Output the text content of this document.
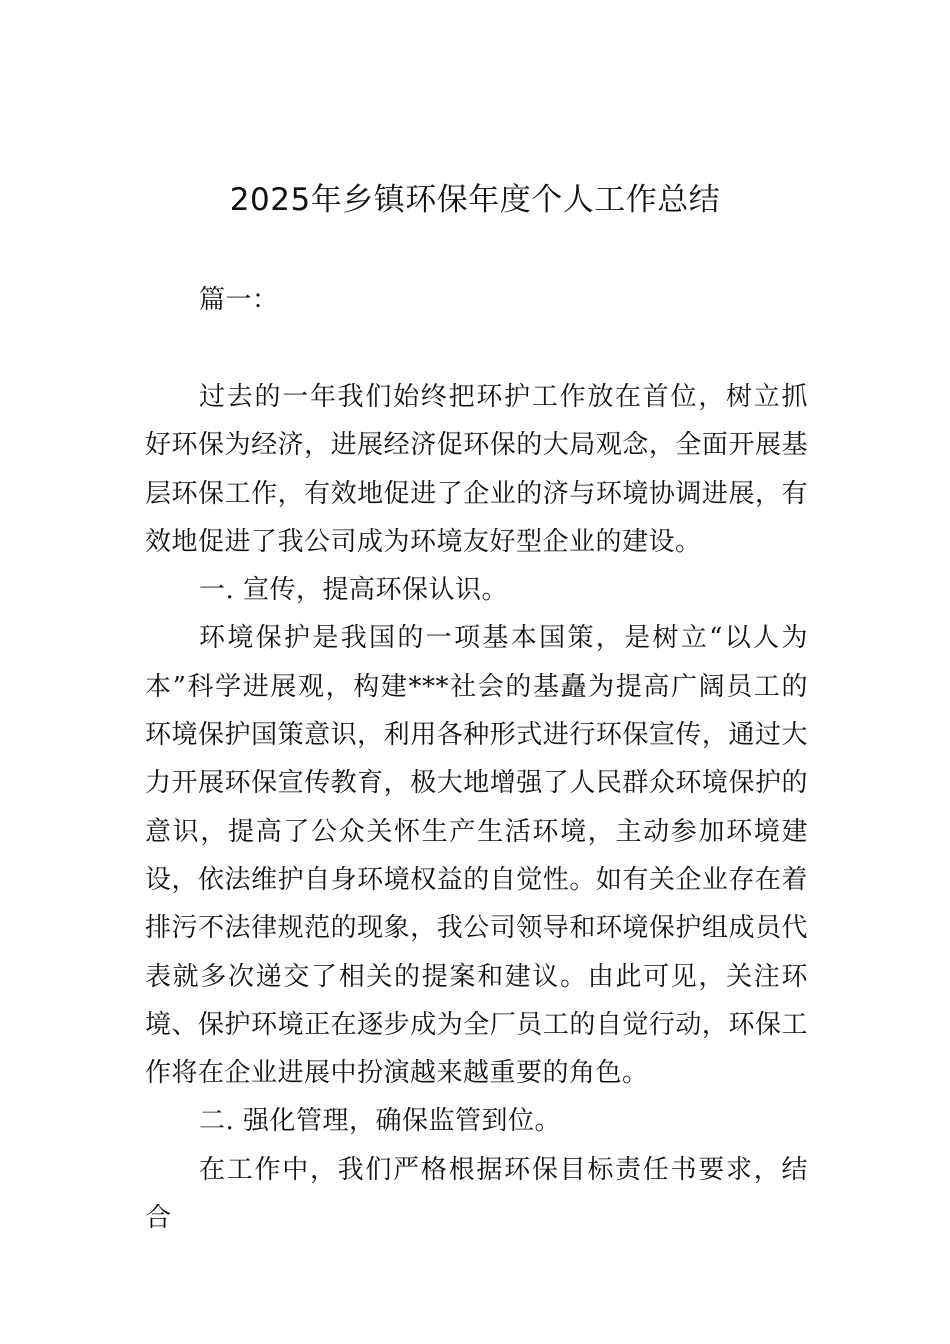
2025年乡镇环保年度个人工作总结
篇一：

过去的一年我们始终把环护工作放在首位，树立抓好环保为经济，进展经济促环保的大局观念，全面开展基层环保工作，有效地促进了企业的济与环境协调进展，有效地促进了我公司成为环境友好型企业的建设。

一. 宣传，提高环保认识。

环境保护是我国的一项基本国策，是树立“以人为本”科学进展观，构建***社会的基矗为提高广阔员工的环境保护国策意识，利用各种形式进行环保宣传，通过大力开展环保宣传教育，极大地增强了人民群众环境保护的意识，提高了公众关怀生产生活环境，主动参加环境建设，依法维护自身环境权益的自觉性。如有关企业存在着排污不法律规范的现象，我公司领导和环境保护组成员代表就多次递交了相关的提案和建议。由此可见，关注环境、保护环境正在逐步成为全厂员工的自觉行动，环保工作将在企业进展中扮演越来越重要的角色。

二. 强化管理，确保监管到位。

在工作中，我们严格根据环保目标责任书要求，结合
